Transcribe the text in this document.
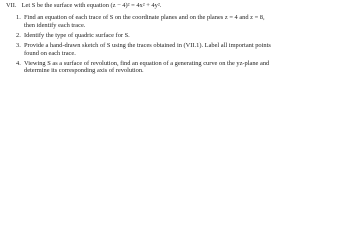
VII. Let S be the surface with equation (z − 4)² = 4x² + 4y².
1. Find an equation of each trace of S on the coordinate planes and on the planes z = 4 and z = 8,
then identify each trace.
2. Identify the type of quadric surface for S.
3. Provide a hand-drawn sketch of S using the traces obtained in (VII.1). Label all important points
found on each trace.
4. Viewing S as a surface of revolution, find an equation of a generating curve on the yz-plane and
determine its corresponding axis of revolution.
